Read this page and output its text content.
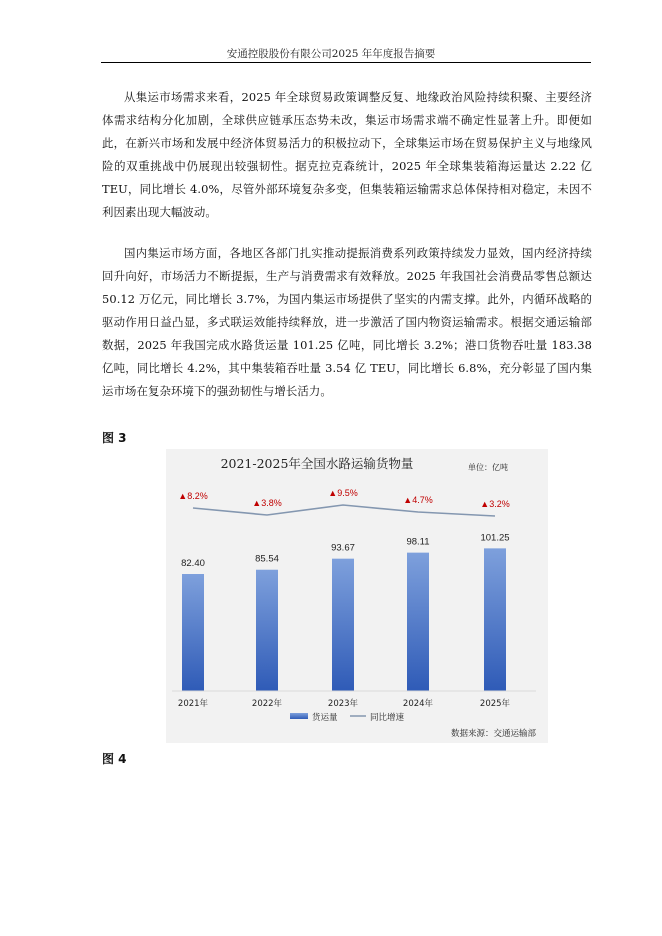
安通控股股份有限公司2025 年年度报告摘要

从集运市场需求来看，2025 年全球贸易政策调整反复、地缘政治风险持续积聚、主要经济体需求结构分化加剧，全球供应链承压态势未改，集运市场需求端不确定性显著上升。即便如此，在新兴市场和发展中经济体贸易活力的积极拉动下，全球集运市场在贸易保护主义与地缘风险的双重挑战中仍展现出较强韧性。据克拉克森统计，2025 年全球集装箱海运量达 2.22 亿 TEU，同比增长 4.0%，尽管外部环境复杂多变，但集装箱运输需求总体保持相对稳定，未因不利因素出现大幅波动。

国内集运市场方面，各地区各部门扎实推动提振消费系列政策持续发力显效，国内经济持续回升向好，市场活力不断提振，生产与消费需求有效释放。2025 年我国社会消费品零售总额达 50.12 万亿元，同比增长 3.7%，为国内集运市场提供了坚实的内需支撑。此外，内循环战略的驱动作用日益凸显，多式联运效能持续释放，进一步激活了国内物资运输需求。根据交通运输部数据，2025 年我国完成水路货运量 101.25 亿吨，同比增长 3.2%；港口货物吞吐量 183.38 亿吨，同比增长 4.2%，其中集装箱吞吐量 3.54 亿 TEU，同比增长 6.8%，充分彰显了国内集运市场在复杂环境下的强劲韧性与增长活力。

图 3
2021-2025年全国水路运输货物量	单位：亿吨
82.40
2021年
85.54
2022年
93.67
2023年
98.11
2024年
101.25
2025年
▲8.2%
▲3.8%
▲9.5%
▲4.7%	▲3.2%
货运量	同比增速
数据来源：交通运输部
图 4
